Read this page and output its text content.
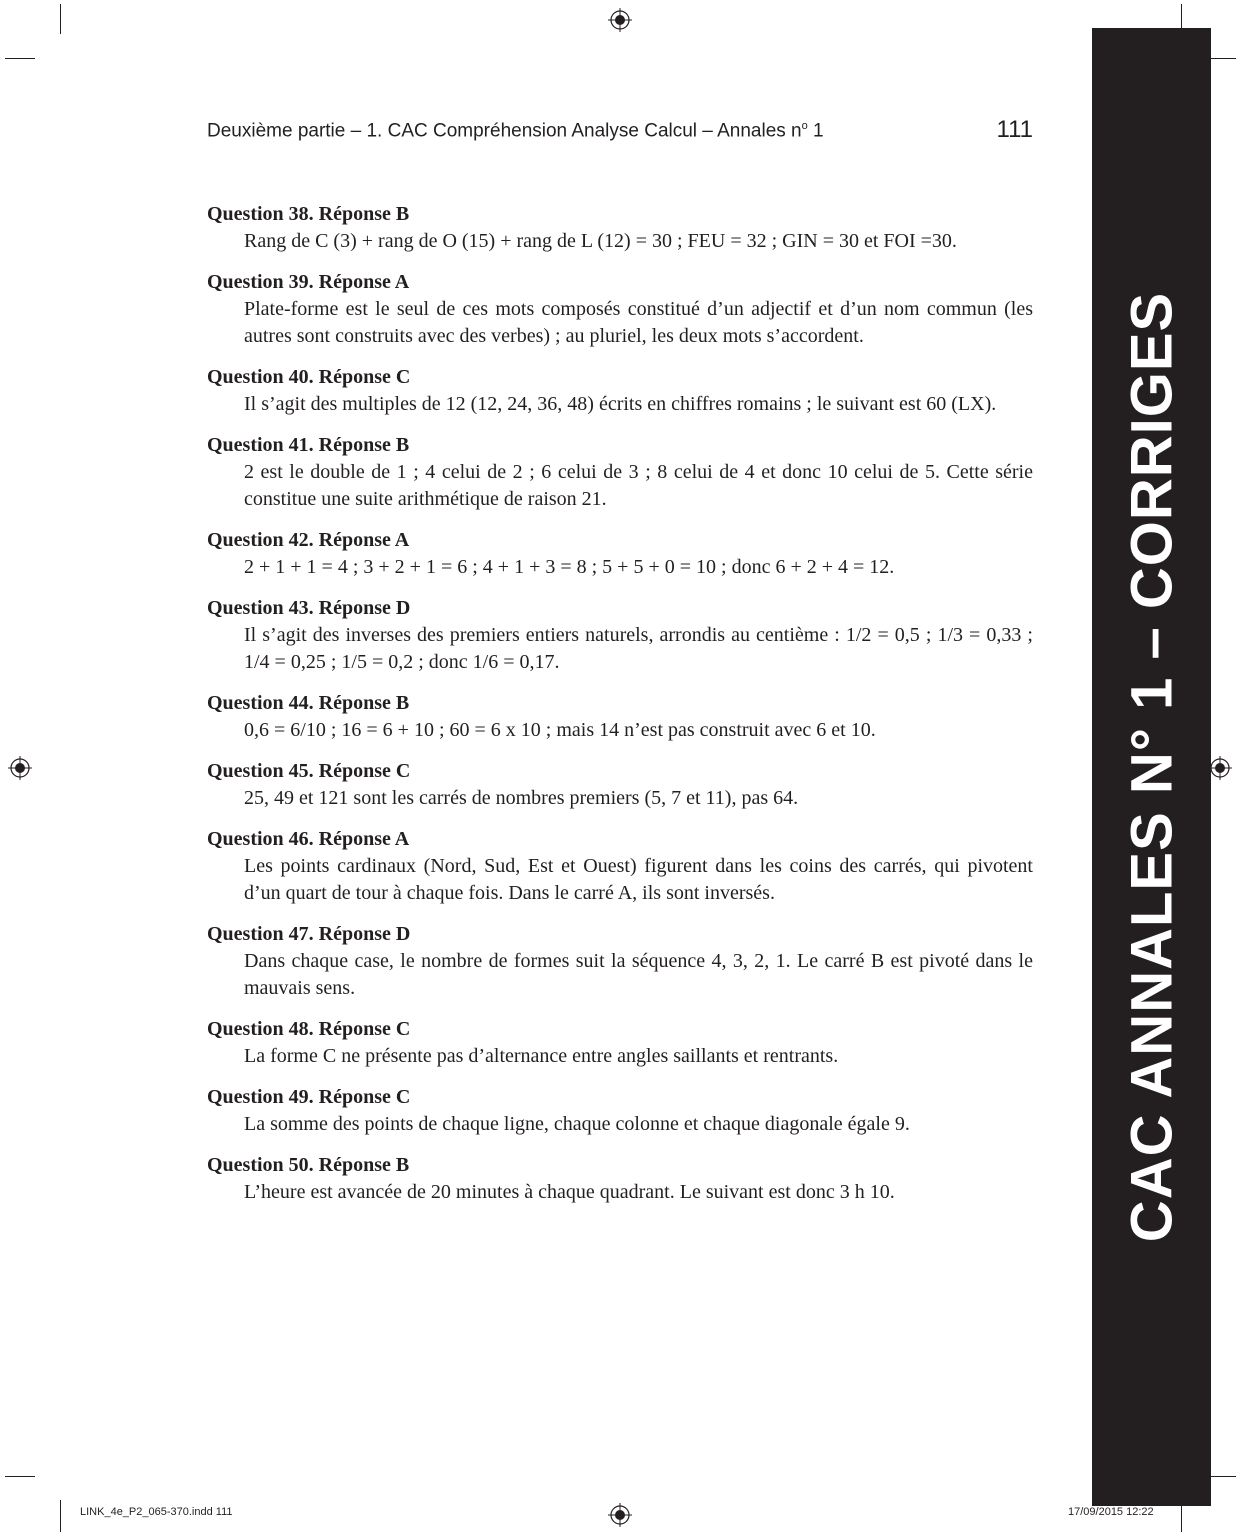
Deuxième partie – 1. CAC Compréhension Analyse Calcul – Annales $n^o$ 1	111
Question 38. Réponse B
Rang de C (3) + rang de O (15) + rang de L (12) = 30 ; FEU = 32 ; GIN = 30 et FOI =30.
Question 39. Réponse A
Plate-forme est le seul de ces mots composés constitué d’un adjectif et d’un nom commun (les autres sont construits avec des verbes) ; au pluriel, les deux mots s’accordent.
Question 40. Réponse C
Il s’agit des multiples de 12 (12, 24, 36, 48) écrits en chiffres romains ; le suivant est 60 (LX).
Question 41. Réponse B
2 est le double de 1 ; 4 celui de 2 ; 6 celui de 3 ; 8 celui de 4 et donc 10 celui de 5. Cette série constitue une suite arithmétique de raison 21.
Question 42. Réponse A
2 + 1 + 1 = 4 ; 3 + 2 + 1 = 6 ; 4 + 1 + 3 = 8 ; 5 + 5 + 0 = 10 ; donc 6 + 2 + 4 = 12.
Question 43. Réponse D
Il s’agit des inverses des premiers entiers naturels, arrondis au centième : 1/2 = 0,5 ; 1/3 = 0,33 ; 1/4 = 0,25 ; 1/5 = 0,2 ; donc 1/6 = 0,17.
Question 44. Réponse B
0,6 = 6/10 ; 16 = 6 + 10 ; 60 = 6 x 10 ; mais 14 n’est pas construit avec 6 et 10.
Question 45. Réponse C
25, 49 et 121 sont les carrés de nombres premiers (5, 7 et 11), pas 64.
Question 46. Réponse A
Les points cardinaux (Nord, Sud, Est et Ouest) figurent dans les coins des carrés, qui pivotent d’un quart de tour à chaque fois. Dans le carré A, ils sont inversés.
Question 47. Réponse D
Dans chaque case, le nombre de formes suit la séquence 4, 3, 2, 1. Le carré B est pivoté dans le mauvais sens.
Question 48. Réponse C
La forme C ne présente pas d’alternance entre angles saillants et rentrants.
Question 49. Réponse C
La somme des points de chaque ligne, chaque colonne et chaque diagonale égale 9.
Question 50. Réponse B
L’heure est avancée de 20 minutes à chaque quadrant. Le suivant est donc 3 h 10.	CAC ANNALES N° 1 – CORRIGES
LINK_4e_P2_065-370.indd 111	17/09/2015 12:22
